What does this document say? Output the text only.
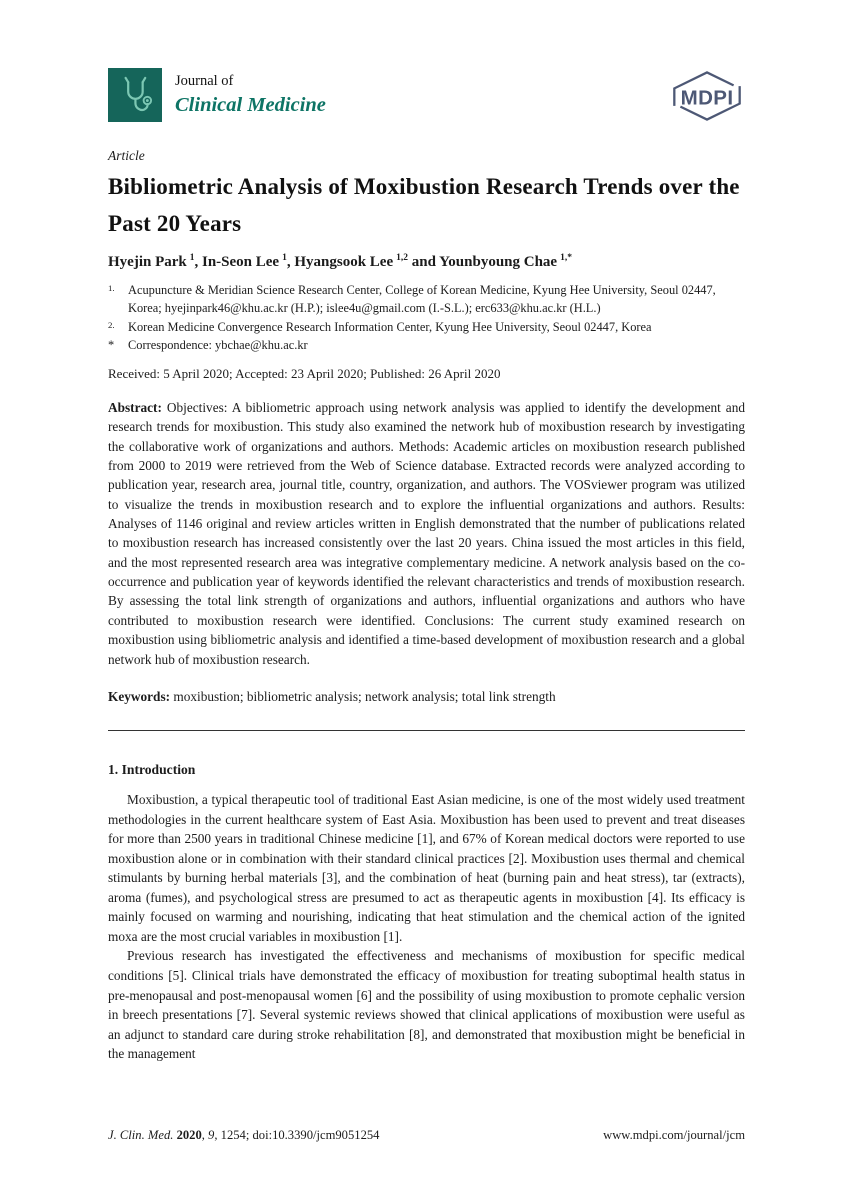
Journal of
Clinical Medicine	MDPI
Article
Bibliometric Analysis of Moxibustion Research Trends over the Past 20 Years

Hyejin Park $^1$, In-Seon Lee $^1$, Hyangsook Lee $^{1,2}$ and Younbyoung Chae $^{1,*}$

1.	Acupuncture & Meridian Science Research Center, College of Korean Medicine, Kyung Hee University, Seoul 02447, Korea; hyejinpark46@khu.ac.kr (H.P.); islee4u@gmail.com (I.-S.L.); erc633@khu.ac.kr (H.L.)
2.	Korean Medicine Convergence Research Information Center, Kyung Hee University, Seoul 02447, Korea
*	Correspondence: ybchae@khu.ac.kr

Received: 5 April 2020; Accepted: 23 April 2020; Published: 26 April 2020

Abstract: Objectives: A bibliometric approach using network analysis was applied to identify the development and research trends for moxibustion. This study also examined the network hub of moxibustion research by investigating the collaborative work of organizations and authors. Methods: Academic articles on moxibustion research published from 2000 to 2019 were retrieved from the Web of Science database. Extracted records were analyzed according to publication year, research area, journal title, country, organization, and authors. The VOSviewer program was utilized to visualize the trends in moxibustion research and to explore the influential organizations and authors. Results: Analyses of 1146 original and review articles written in English demonstrated that the number of publications related to moxibustion research has increased consistently over the last 20 years. China issued the most articles in this field, and the most represented research area was integrative complementary medicine. A network analysis based on the co-occurrence and publication year of keywords identified the relevant characteristics and trends of moxibustion research. By assessing the total link strength of organizations and authors, influential organizations and authors who have contributed to moxibustion research were identified. Conclusions: The current study examined research on moxibustion using bibliometric analysis and identified a time-based development of moxibustion research and a global network hub of moxibustion research.

Keywords: moxibustion; bibliometric analysis; network analysis; total link strength

1. Introduction

Moxibustion, a typical therapeutic tool of traditional East Asian medicine, is one of the most widely used treatment methodologies in the current healthcare system of East Asia. Moxibustion has been used to prevent and treat diseases for more than 2500 years in traditional Chinese medicine [1], and 67% of Korean medical doctors were reported to use moxibustion alone or in combination with their standard clinical practices [2]. Moxibustion uses thermal and chemical stimulants by burning herbal materials [3], and the combination of heat (burning pain and heat stress), tar (extracts), aroma (fumes), and psychological stress are presumed to act as therapeutic agents in moxibustion [4]. Its efficacy is mainly focused on warming and nourishing, indicating that heat stimulation and the chemical action of the ignited moxa are the most crucial variables in moxibustion [1].

Previous research has investigated the effectiveness and mechanisms of moxibustion for specific medical conditions [5]. Clinical trials have demonstrated the efficacy of moxibustion for treating suboptimal health status in pre-menopausal and post-menopausal women [6] and the possibility of using moxibustion to promote cephalic version in breech presentations [7]. Several systemic reviews showed that clinical applications of moxibustion were useful as an adjunct to standard care during stroke rehabilitation [8], and demonstrated that moxibustion might be beneficial in the management

J. Clin. Med. 2020, 9, 1254; doi:10.3390/jcm9051254	www.mdpi.com/journal/jcm
